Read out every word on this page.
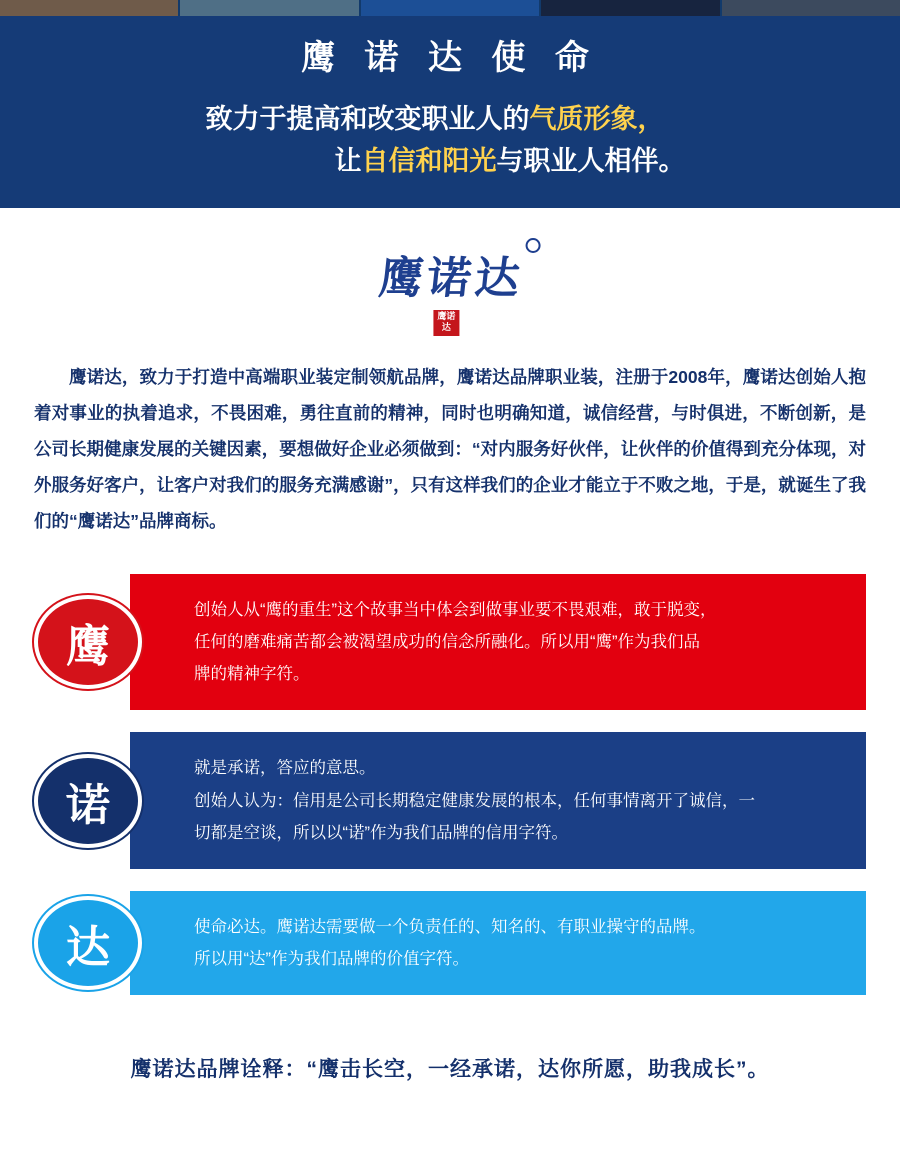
鹰 诺 达 使 命
致力于提高和改变职业人的气质形象，
让自信和阳光与职业人相伴。
鹰诺达
鹰诺达
鹰诺达，致力于打造中高端职业装定制领航品牌，鹰诺达品牌职业装，注册于2008年，鹰诺达创始人抱着对事业的执着追求，不畏困难，勇往直前的精神，同时也明确知道，诚信经营，与时俱进，不断创新，是公司长期健康发展的关键因素，要想做好企业必须做到：“对内服务好伙伴，让伙伴的价值得到充分体现，对外服务好客户，让客户对我们的服务充满感谢”，只有这样我们的企业才能立于不败之地，于是，就诞生了我们的“鹰诺达”品牌商标。
鹰
创始人从“鹰的重生”这个故事当中体会到做事业要不畏艰难，敢于脱变，
任何的磨难痛苦都会被渴望成功的信念所融化。所以用“鹰”作为我们品
牌的精神字符。
诺
就是承诺，答应的意思。
创始人认为：信用是公司长期稳定健康发展的根本，任何事情离开了诚信，一
切都是空谈，所以以“诺”作为我们品牌的信用字符。
达	使命必达。鹰诺达需要做一个负责任的、知名的、有职业操守的品牌。
所以用“达”作为我们品牌的价值字符。
鹰诺达品牌诠释：“鹰击长空，一经承诺，达你所愿，助我成长”。
